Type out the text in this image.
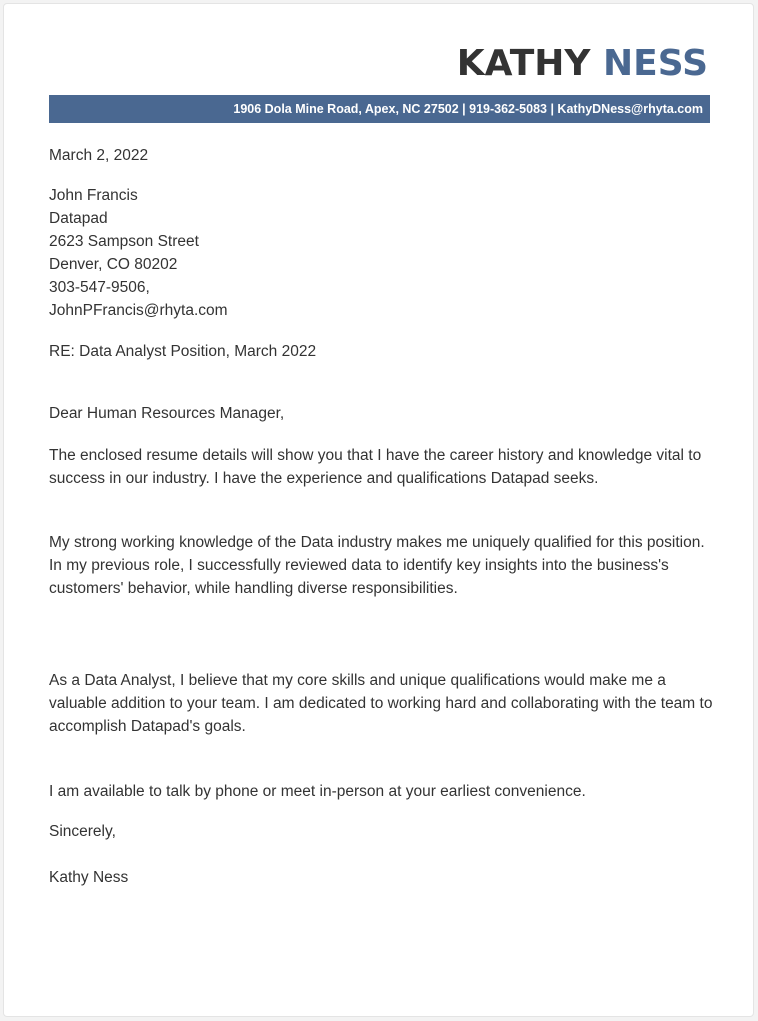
KATHY NESS
1906 Dola Mine Road, Apex, NC 27502 | 919-362-5083 | KathyDNess@rhyta.com
March 2, 2022
John Francis
Datapad
2623 Sampson Street
Denver, CO 80202
303-547-9506,
JohnPFrancis@rhyta.com
RE: Data Analyst Position, March 2022
Dear Human Resources Manager,
The enclosed resume details will show you that I have the career history and knowledge vital to success in our industry. I have the experience and qualifications Datapad seeks.
My strong working knowledge of the Data industry makes me uniquely qualified for this position. In my previous role, I successfully reviewed data to identify key insights into the business's customers' behavior, while handling diverse responsibilities.
As a Data Analyst, I believe that my core skills and unique qualifications would make me a valuable addition to your team. I am dedicated to working hard and collaborating with the team to accomplish Datapad's goals.
I am available to talk by phone or meet in-person at your earliest convenience.
Sincerely,
Kathy Ness
